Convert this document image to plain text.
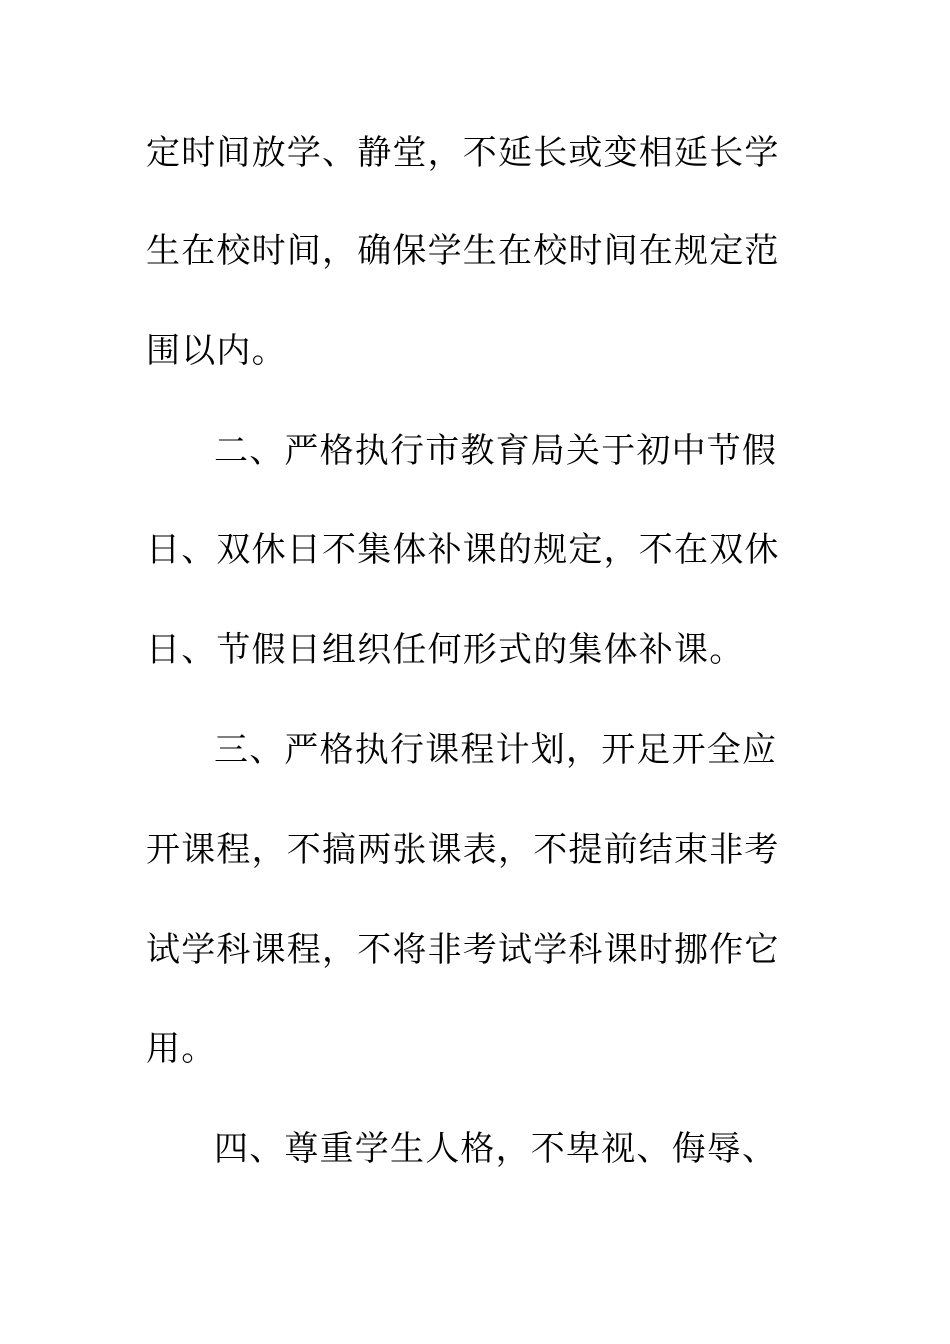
定时间放学、静堂，不延长或变相延长学
生在校时间，确保学生在校时间在规定范
围以内。
二、严格执行市教育局关于初中节假
日、双休日不集体补课的规定，不在双休
日、节假日组织任何形式的集体补课。
三、严格执行课程计划，开足开全应
开课程，不搞两张课表，不提前结束非考
试学科课程，不将非考试学科课时挪作它
用。
四、尊重学生人格，不卑视、侮辱、
